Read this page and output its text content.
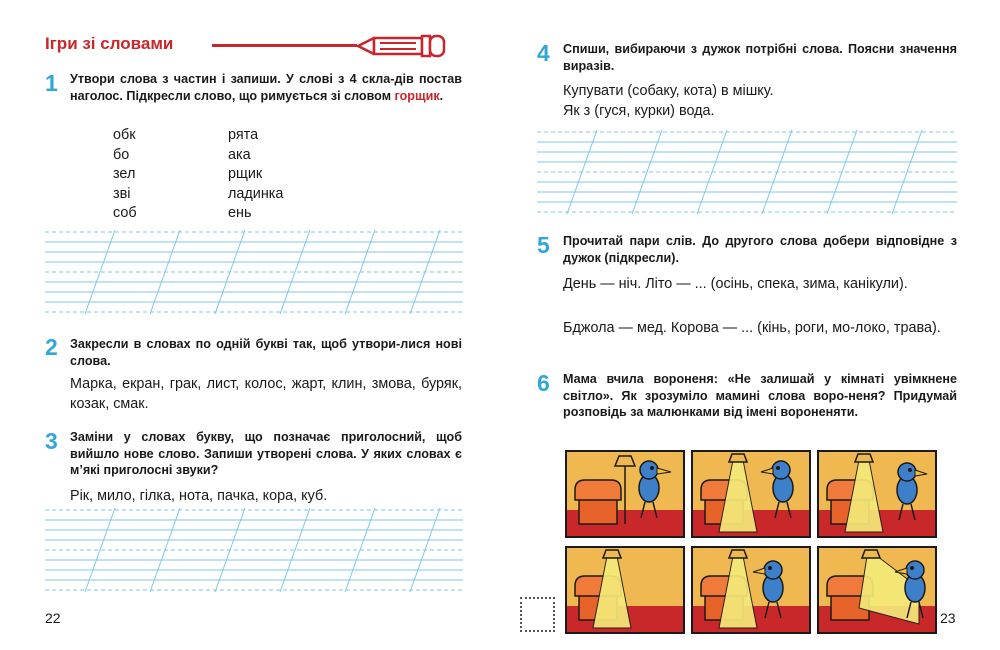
Ігри зі словами
1 Утвори слова з частин і запиши. У слові з 4 скла-дів постав наголос. Підкресли слово, що римується зі словом горщик.
обк	рята
бо	ака
зел	рщик
зві	ладинка
соб	ень
2 Закресли в словах по одній букві так, щоб утвори-лися нові слова.
Марка, екран, грак, лист, колос, жарт, клин, змова, буряк, козак, смак.
3 Заміни у словах букву, що позначає приголосний, щоб вийшло нове слово. Запиши утворені слова. У яких словах є м’які приголосні звуки?
Рік, мило, гілка, нота, пачка, кора, куб.
22
4 Спиши, вибираючи з дужок потрібні слова. Поясни значення виразів.
Купувати (собаку, кота) в мішку.
Як з (гуся, курки) вода.
5 Прочитай пари слів. До другого слова добери відповідне з дужок (підкресли).
День — ніч. Літо — ... (осінь, спека, зима, канікули).
Бджола — мед. Корова — ... (кінь, роги, мо-локо, трава).
6 Мама вчила вороненя: «Не залишай у кімнаті увімкнене світло». Як зрозуміло мамині слова воро-неня? Придумай розповідь за малюнками від імені вороненяти.
23
